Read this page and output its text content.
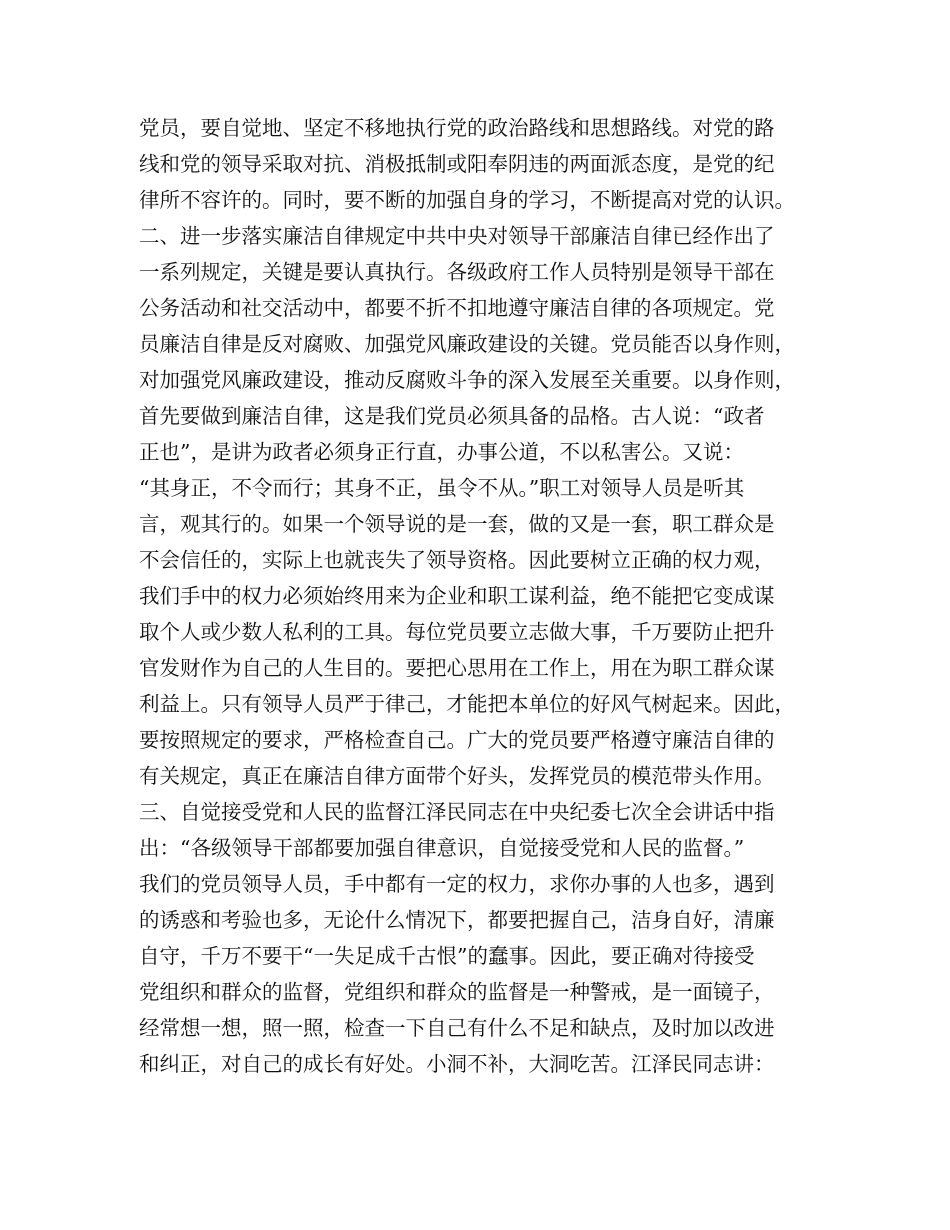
党员，要自觉地、坚定不移地执行党的政治路线和思想路线。对党的路
线和党的领导采取对抗、消极抵制或阳奉阴违的两面派态度，是党的纪
律所不容许的。同时，要不断的加强自身的学习，不断提高对党的认识。
二、进一步落实廉洁自律规定中共中央对领导干部廉洁自律已经作出了
一系列规定，关键是要认真执行。各级政府工作人员特别是领导干部在
公务活动和社交活动中，都要不折不扣地遵守廉洁自律的各项规定。党
员廉洁自律是反对腐败、加强党风廉政建设的关键。党员能否以身作则，
对加强党风廉政建设，推动反腐败斗争的深入发展至关重要。以身作则，
首先要做到廉洁自律，这是我们党员必须具备的品格。古人说：“政者
正也”，是讲为政者必须身正行直，办事公道，不以私害公。又说：
“其身正，不令而行；其身不正，虽令不从。”职工对领导人员是听其
言，观其行的。如果一个领导说的是一套，做的又是一套，职工群众是
不会信任的，实际上也就丧失了领导资格。因此要树立正确的权力观，
我们手中的权力必须始终用来为企业和职工谋利益，绝不能把它变成谋
取个人或少数人私利的工具。每位党员要立志做大事，千万要防止把升
官发财作为自己的人生目的。要把心思用在工作上，用在为职工群众谋
利益上。只有领导人员严于律己，才能把本单位的好风气树起来。因此，
要按照规定的要求，严格检查自己。广大的党员要严格遵守廉洁自律的
有关规定，真正在廉洁自律方面带个好头，发挥党员的模范带头作用。
三、自觉接受党和人民的监督江泽民同志在中央纪委七次全会讲话中指
出：“各级领导干部都要加强自律意识，自觉接受党和人民的监督。”
我们的党员领导人员，手中都有一定的权力，求你办事的人也多，遇到
的诱惑和考验也多，无论什么情况下，都要把握自己，洁身自好，清廉
自守，千万不要干“一失足成千古恨”的蠢事。因此，要正确对待接受
党组织和群众的监督，党组织和群众的监督是一种警戒，是一面镜子，
经常想一想，照一照，检查一下自己有什么不足和缺点，及时加以改进
和纠正，对自己的成长有好处。小洞不补，大洞吃苦。江泽民同志讲：
